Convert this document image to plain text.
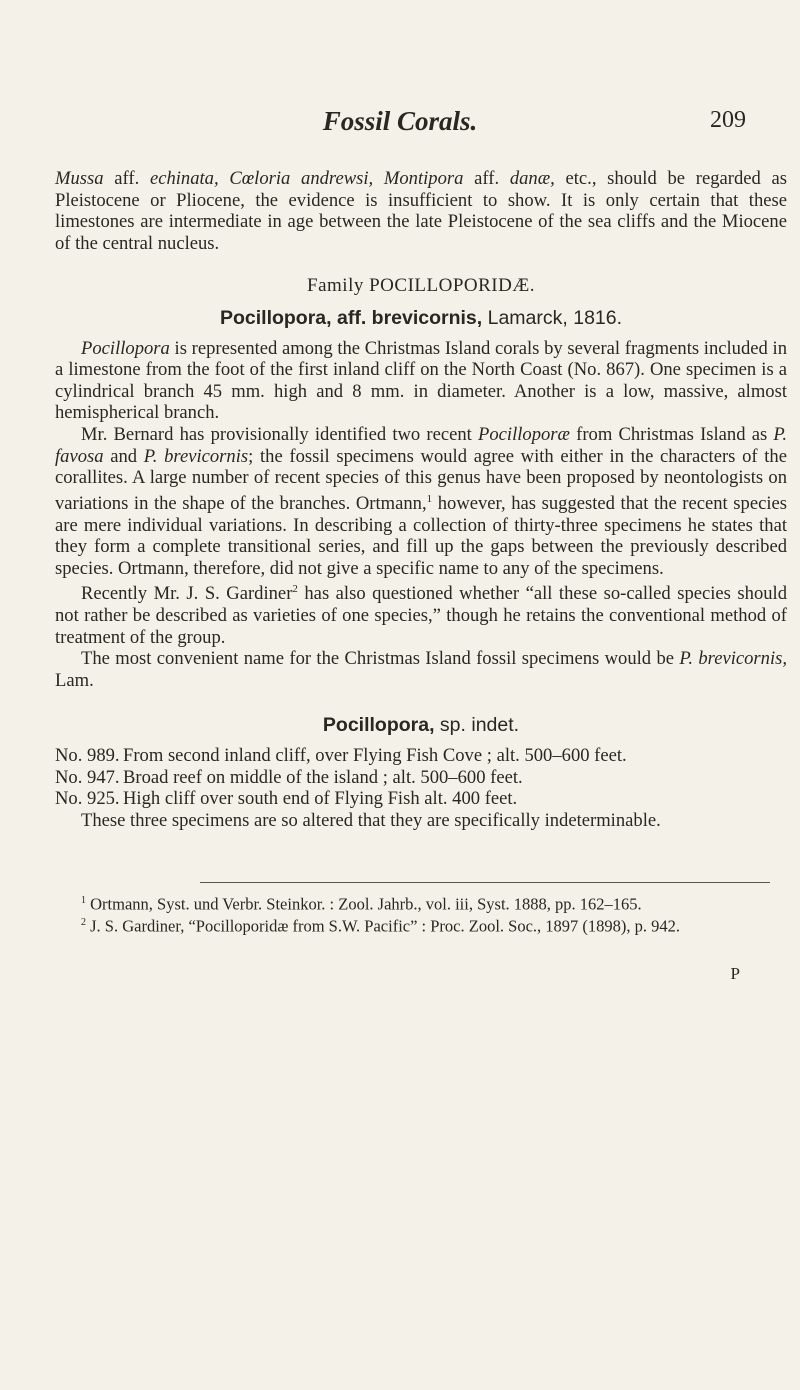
Fossil Corals.	209

Mussa aff. echinata, Cœloria andrewsi, Montipora aff. danæ, etc., should be regarded as Pleistocene or Pliocene, the evidence is insufficient to show. It is only certain that these limestones are intermediate in age between the late Pleistocene of the sea cliffs and the Miocene of the central nucleus.

Family POCILLOPORIDÆ.
Pocillopora, aff. brevicornis, Lamarck, 1816.

Pocillopora is represented among the Christmas Island corals by several fragments included in a limestone from the foot of the first inland cliff on the North Coast (No. 867). One specimen is a cylindrical branch 45 mm. high and 8 mm. in diameter. Another is a low, massive, almost hemispherical branch.

Mr. Bernard has provisionally identified two recent Pocilloporæ from Christmas Island as P. favosa and P. brevicornis; the fossil specimens would agree with either in the characters of the corallites. A large number of recent species of this genus have been proposed by neontologists on variations in the shape of the branches. Ortmann,$^1$ however, has suggested that the recent species are mere individual variations. In describing a collection of thirty-three specimens he states that they form a complete transitional series, and fill up the gaps between the previously described species. Ortmann, therefore, did not give a specific name to any of the specimens.

Recently Mr. J. S. Gardiner$^2$ has also questioned whether “all these so-called species should not rather be described as varieties of one species,” though he retains the conventional method of treatment of the group.

The most convenient name for the Christmas Island fossil specimens would be P. brevicornis, Lam.

Pocillopora, sp. indet.

No. 989. From second inland cliff, over Flying Fish Cove ; alt. 500–600 feet.

No. 947. Broad reef on middle of the island ; alt. 500–600 feet.

No. 925. High cliff over south end of Flying Fish alt. 400 feet.

These three specimens are so altered that they are specifically indeterminable.

$^1$ Ortmann, Syst. und Verbr. Steinkor. : Zool. Jahrb., vol. iii, Syst. 1888, pp. 162–165.

$^2$ J. S. Gardiner, “Pocilloporidæ from S.W. Pacific” : Proc. Zool. Soc., 1897 (1898), p. 942.

P
